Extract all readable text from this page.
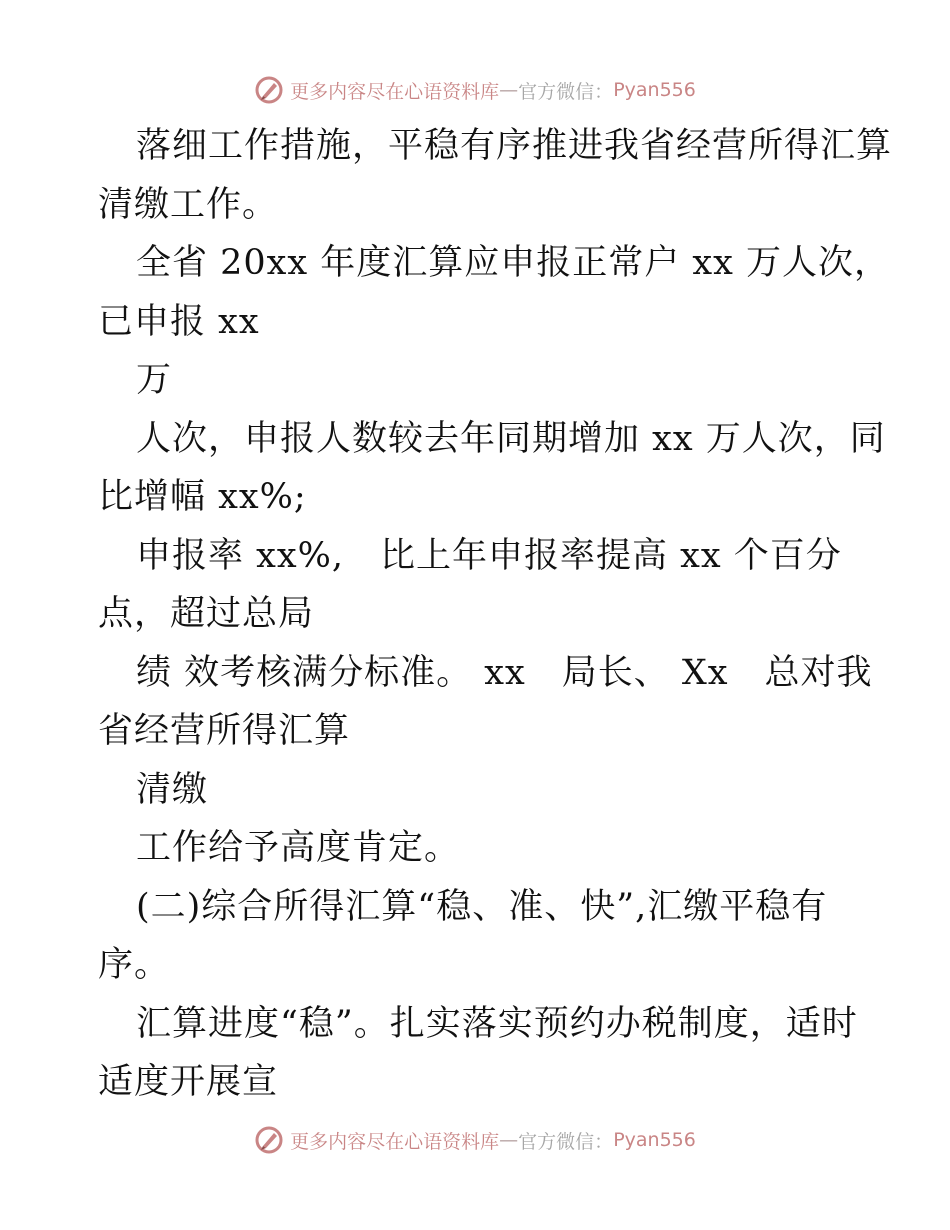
更多内容尽在心语资料库 — 官方微信： Pyan556
落细工作措施，平稳有序推进我省经营所得汇算
清缴工作。
全省 20xx 年度汇算应申报正常户 xx 万人次，
已申报 xx
万
人次，申报人数较去年同期增加 xx 万人次，同
比增幅 xx%;
申报率 xx%,　比上年申报率提高 xx 个百分
点，超过总局
绩 效考核满分标准。 xx　局长、 Xx　总对我
省经营所得汇算
清缴
工作给予高度肯定。
(二)综合所得汇算“稳、准、快”,汇缴平稳有
序。
汇算进度“稳”。扎实落实预约办税制度，适时
适度开展宣
更多内容尽在心语资料库 — 官方微信： Pyan556
